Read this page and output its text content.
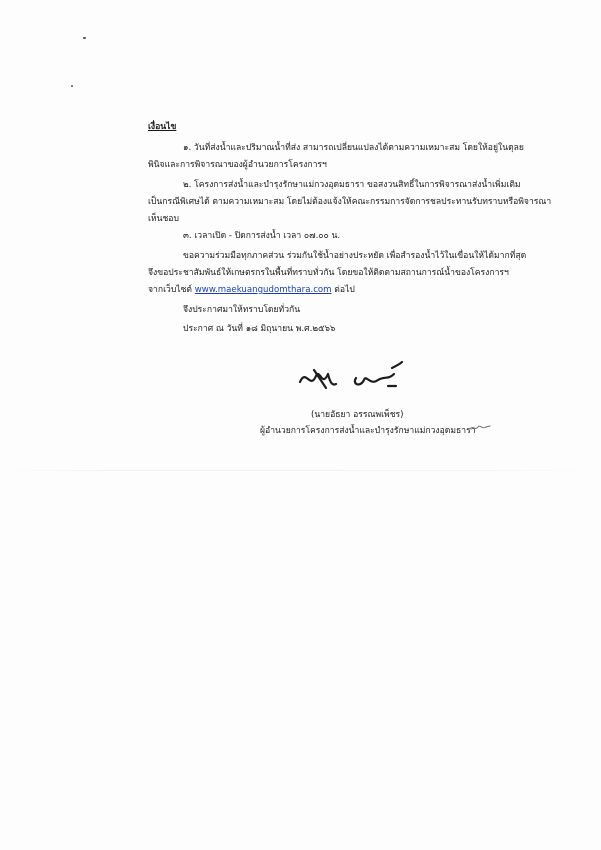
เงื่อนไข
๑. วันที่ส่งน้ำและปริมาณน้ำที่ส่ง สามารถเปลี่ยนแปลงได้ตามความเหมาะสม โดยให้อยู่ในดุลย
พินิจและการพิจารณาของผู้อำนวยการโครงการฯ
๒. โครงการส่งน้ำและบำรุงรักษาแม่กวงอุดมธารา ขอสงวนสิทธิ์ในการพิจารณาส่งน้ำเพิ่มเติม
เป็นกรณีพิเศษได้ ตามความเหมาะสม โดยไม่ต้องแจ้งให้คณะกรรมการจัดการชลประทานรับทราบหรือพิจารณา
เห็นชอบ
๓. เวลาเปิด - ปิดการส่งน้ำ เวลา ๐๗.๐๐ น.
ขอความร่วมมือทุกภาคส่วน ร่วมกันใช้น้ำอย่างประหยัด เพื่อสำรองน้ำไว้ในเขื่อนให้ได้มากที่สุด
จึงขอประชาสัมพันธ์ให้เกษตรกรในพื้นที่ทราบทั่วกัน โดยขอให้ติดตามสถานการณ์น้ำของโครงการฯ
จากเว็บไซต์ www.maekuangudomthara.com ต่อไป
จึงประกาศมาให้ทราบโดยทั่วกัน
ประกาศ ณ วันที่ ๑๘ มิถุนายน พ.ศ.๒๕๖๖
(นายอัธยา อรรณพเพ็ชร)
ผู้อำนวยการโครงการส่งน้ำและบำรุงรักษาแม่กวงอุดมธารา
